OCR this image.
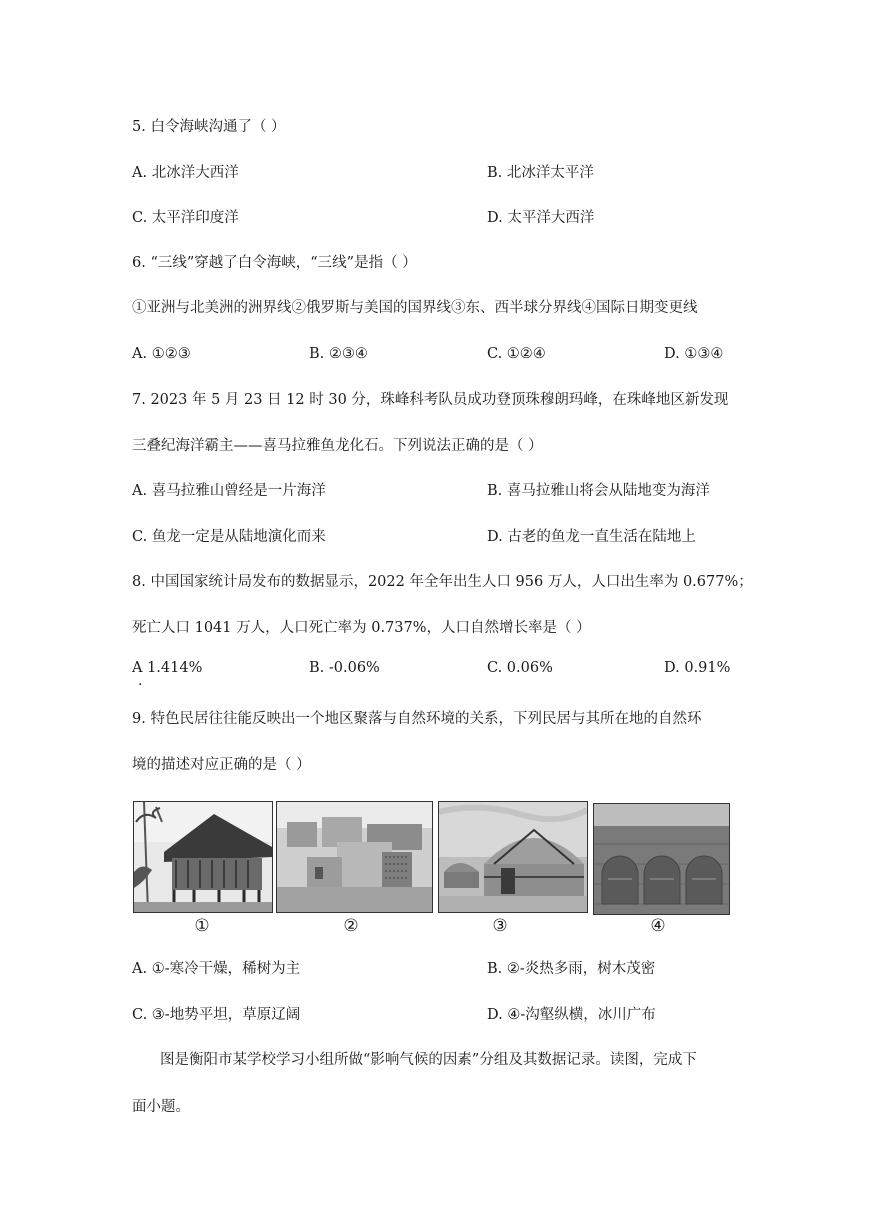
5. 白令海峡沟通了（ ）
A. 北冰洋大西洋	B. 北冰洋太平洋
C. 太平洋印度洋	D. 太平洋大西洋
6. “三线”穿越了白令海峡，“三线”是指（ ）
①亚洲与北美洲的洲界线②俄罗斯与美国的国界线③东、西半球分界线④国际日期变更线
A. ①②③	B. ②③④	C. ①②④	D. ①③④
7. 2023 年 5 月 23 日 12 时 30 分，珠峰科考队员成功登顶珠穆朗玛峰，在珠峰地区新发现
三叠纪海洋霸主——喜马拉雅鱼龙化石。下列说法正确的是（ ）
A. 喜马拉雅山曾经是一片海洋	B. 喜马拉雅山将会从陆地变为海洋
C. 鱼龙一定是从陆地演化而来	D. 古老的鱼龙一直生活在陆地上
8. 中国国家统计局发布的数据显示，2022 年全年出生人口 956 万人，人口出生率为 0.677%；
死亡人口 1041 万人，人口死亡率为 0.737%，人口自然增长率是（ ）
A 1.414%
.
B. -0.06%	C. 0.06%	D. 0.91%
9. 特色民居往往能反映出一个地区聚落与自然环境的关系，下列民居与其所在地的自然环
境的描述对应正确的是（ ）
①	②	③	④
A. ①-寒冷干燥，稀树为主	B. ②-炎热多雨，树木茂密
C. ③-地势平坦，草原辽阔	D. ④-沟壑纵横，冰川广布
图是衡阳市某学校学习小组所做“影响气候的因素”分组及其数据记录。读图，完成下
面小题。
